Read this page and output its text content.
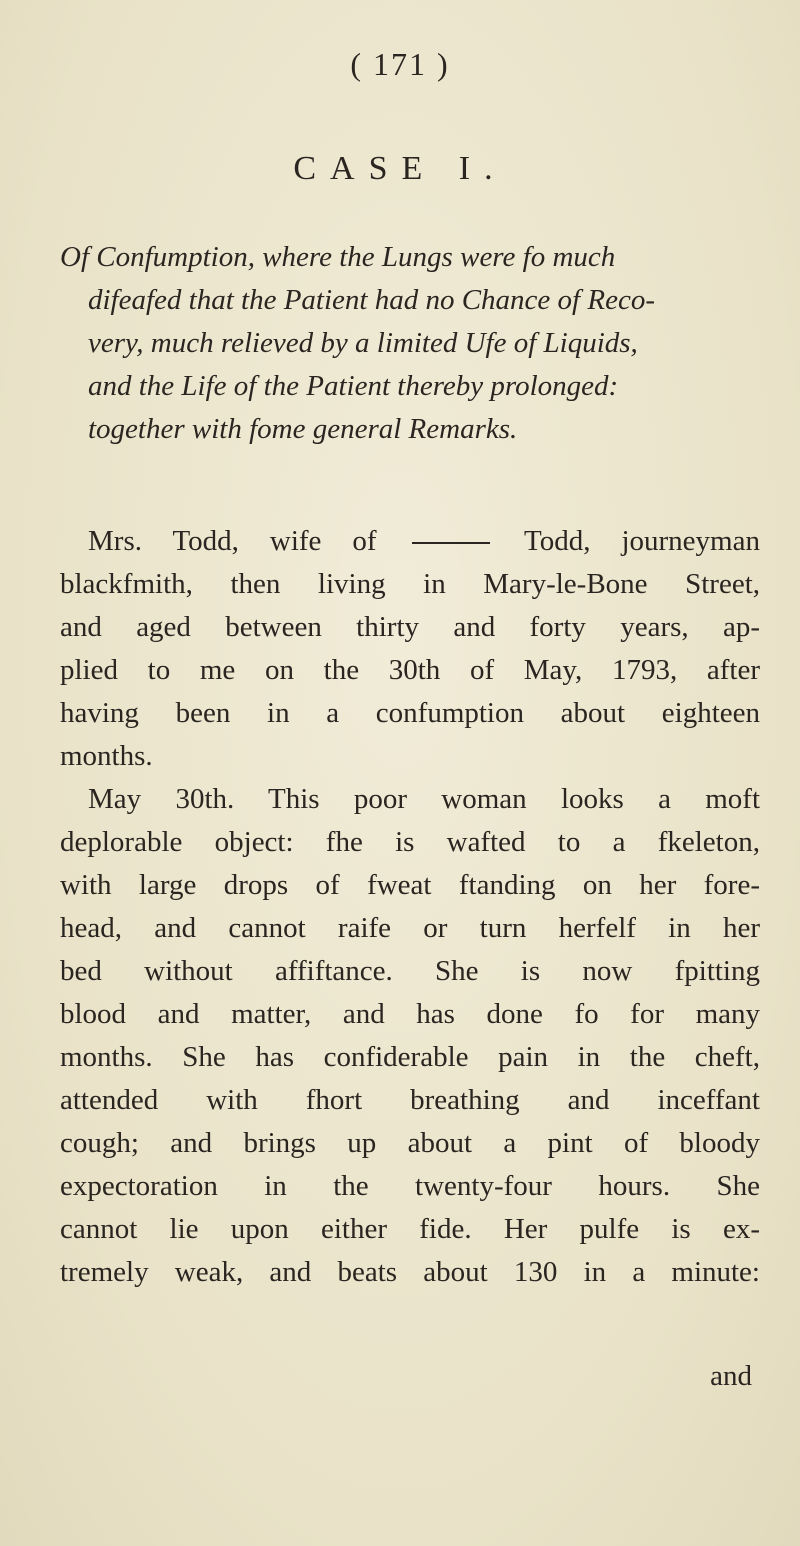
( 171 )
CASE I.
Of Confumption, where the Lungs were fo much
difeafed that the Patient had no Chance of Reco-
very, much relieved by a limited Ufe of Liquids,
and the Life of the Patient thereby prolonged:
together with fome general Remarks.
Mrs. Todd, wife of	Todd, journeyman
blackfmith, then living in Mary-le-Bone Street,
and aged between thirty and forty years, ap-
plied to me on the 30th of May, 1793, after
having been in a confumption about eighteen
months.
May 30th. This poor woman looks a moft
deplorable object: fhe is wafted to a fkeleton,
with large drops of fweat ftanding on her fore-
head, and cannot raife or turn herfelf in her
bed without affiftance. She is now fpitting
blood and matter, and has done fo for many
months. She has confiderable pain in the cheft,
attended with fhort breathing and inceffant
cough; and brings up about a pint of bloody
expectoration in the twenty-four hours. She
cannot lie upon either fide. Her pulfe is ex-
tremely weak, and beats about 130 in a minute:
and
